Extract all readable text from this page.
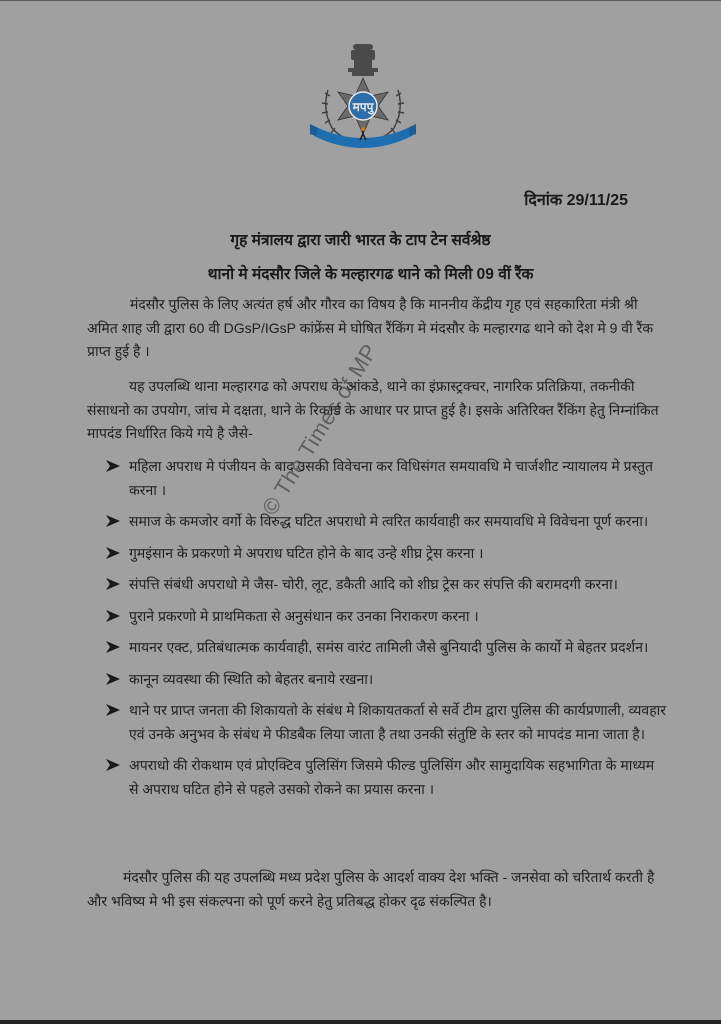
मपपु
दिनांक 29/11/25
गृह मंत्रालय द्वारा जारी भारत के टाप टेन सर्वश्रेष्ठ
थानो मे मंदसौर जिले के मल्हारगढ थाने को मिली 09 वीं रैंक

मंदसौर पुलिस के लिए अत्यंत हर्ष और गौरव का विषय है कि माननीय केंद्रीय गृह एवं सहकारिता मंत्री श्री अमित शाह जी द्वारा 60 वी DGsP/IGsP कांफ्रेंस मे घोषित रैंकिंग मे मंदसौर के मल्हारगढ थाने को देश मे 9 वी रैंक प्राप्त हुई है ।

यह उपलब्धि थाना मल्हारगढ को अपराध के आंकडे, थाने का इंफ्रास्ट्रक्चर, नागरिक प्रतिक्रिया, तकनीकी संसाधनो का उपयोग, जांच मे दक्षता, थाने के रिकार्ड के आधार पर प्राप्त हुई है। इसके अतिरिक्त रैंकिंग हेतु निम्नांकित मापदंड निर्धारित किये गये है जैसे-

महिला अपराध मे पंजीयन के बाद उसकी विवेचना कर विधिसंगत समयावधि मे चार्जशीट न्यायालय मे प्रस्तुत करना ।
समाज के कमजोर वर्गो के विरुद्ध घटित अपराधो मे त्वरित कार्यवाही कर समयावधि मे विवेचना पूर्ण करना।
गुमइंसान के प्रकरणो मे अपराध घटित होने के बाद उन्हे शीघ्र ट्रेस करना ।
संपत्ति संबंधी अपराधो मे जैस- चोरी, लूट, डकैती आदि को शीघ्र ट्रेस कर संपत्ति की बरामदगी करना।
पुराने प्रकरणो मे प्राथमिकता से अनुसंधान कर उनका निराकरण करना ।
मायनर एक्ट, प्रतिबंधात्मक कार्यवाही, समंस वारंट तामिली जैसे बुनियादी पुलिस के कार्यो मे बेहतर प्रदर्शन।
कानून व्यवस्था की स्थिति को बेहतर बनाये रखना।
थाने पर प्राप्त जनता की शिकायतो के संबंध मे शिकायतकर्ता से सर्वे टीम द्वारा पुलिस की कार्यप्रणाली, व्यवहार एवं उनके अनुभव के संबंध मे फीडबैक लिया जाता है तथा उनकी संतुष्टि के स्तर को मापदंड माना जाता है।
अपराधो की रोकथाम एवं प्रोएक्टिव पुलिसिंग जिसमे फील्ड पुलिसिंग और सामुदायिक सहभागिता के माध्यम से अपराध घटित होने से पहले उसको रोकने का प्रयास करना ।

मंदसौर पुलिस की यह उपलब्धि मध्य प्रदेश पुलिस के आदर्श वाक्य देश भक्ति - जनसेवा को चरितार्थ करती है और भविष्य मे भी इस संकल्पना को पूर्ण करने हेतु प्रतिबद्ध होकर दृढ संकल्पित है।

© The Times of MP
